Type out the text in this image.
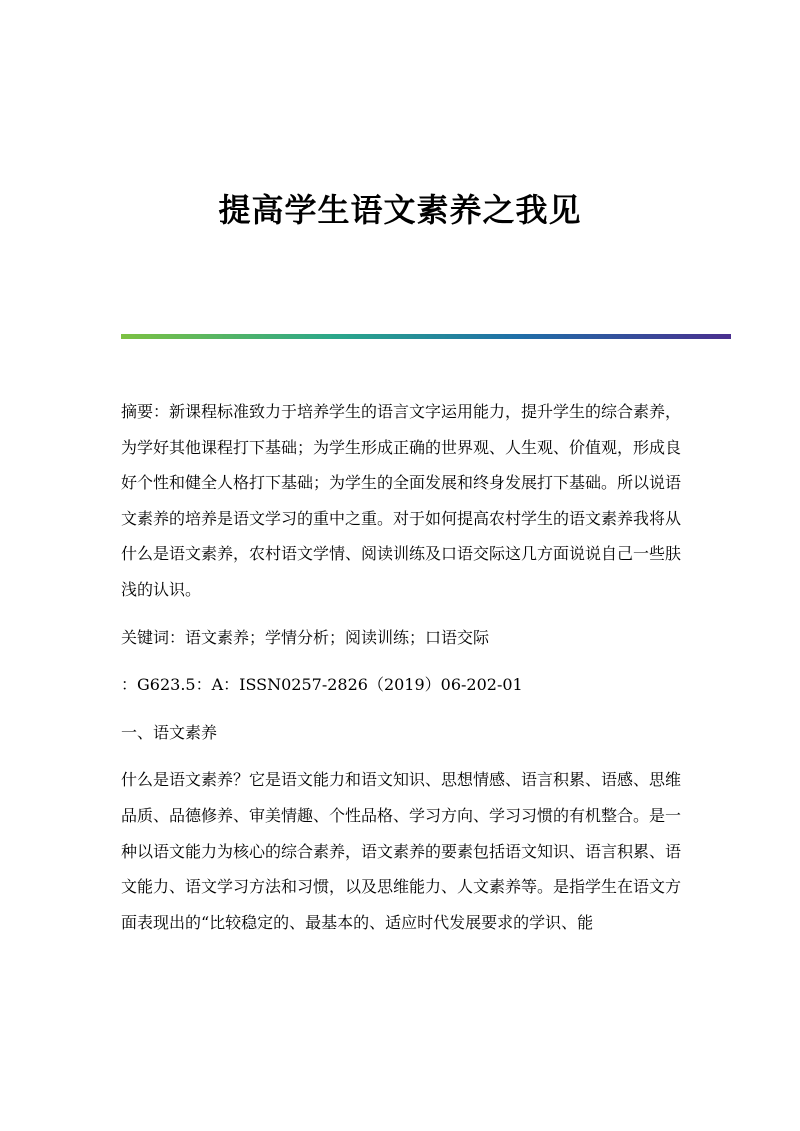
提高学生语文素养之我见

摘要：新课程标准致力于培养学生的语言文字运用能力，提升学生的综合素养，为学好其他课程打下基础；为学生形成正确的世界观、人生观、价值观，形成良好个性和健全人格打下基础；为学生的全面发展和终身发展打下基础。所以说语文素养的培养是语文学习的重中之重。对于如何提高农村学生的语文素养我将从什么是语文素养，农村语文学情、阅读训练及口语交际这几方面说说自己一些肤浅的认识。

关键词：语文素养；学情分析；阅读训练；口语交际

：G623.5：A：ISSN0257-2826（2019）06-202-01

一、语文素养

什么是语文素养？它是语文能力和语文知识、思想情感、语言积累、语感、思维品质、品德修养、审美情趣、个性品格、学习方向、学习习惯的有机整合。是一种以语文能力为核心的综合素养，语文素养的要素包括语文知识、语言积累、语文能力、语文学习方法和习惯，以及思维能力、人文素养等。是指学生在语文方面表现出的“比较稳定的、最基本的、适应时代发展要求的学识、能
